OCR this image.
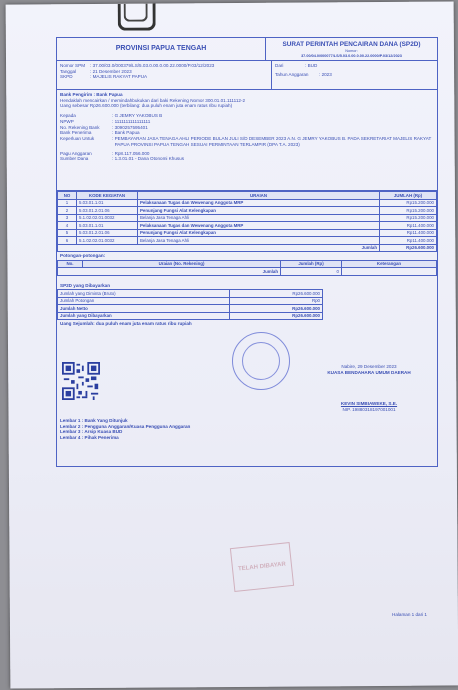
PROVINSI PAPUA TENGAH
SURAT PERINTAH PENCAIRAN DANA (SP2D)
Nomor:
37.00/04.0/000077/LS/5.03.0.00.0.00.22.0000/P.03/12/2023
Nomor SPM	: 37.00/03.0/000379/LS/5.03.0.00.0.00.22.0000/P.03/12/2023
Tanggal	: 21 Desember 2023
SKPD	: MAJELIS RAKYAT PAPUA
Dari	: BUD
Tahun Anggaran	: 2023
Bank Pengirim : Bank Papua
Hendaklah mencairkan / memindahbukukan dari baki Rekening Nomor 300.01.01.111112-2
Uang sebesar Rp26.600.000 (terbilang: dua puluh enam juta enam ratus ribu rupiah)
Kepada	: G JEMRY YAKOBUS B
NPWP	: 1111111111111111
No. Rekening Bank	: 3090257595401
Bank Penerima	: Bank Papua
Keperluan Untuk	: PEMBAYARAN JASA TENAGA AHLI PERIODE BULAN JULI S/D DESEMBER 2023 A.N. G JEMRY YAKOBUS B. PADA SEKRETARIAT MAJELIS RAKYAT PAPUA PROVINSI PAPUA TENGAH SESUAI PERMINTAAN TERLAMPIR (DPA T.A. 2023)
Pagu Anggaran	: Rp8.117.056.000
Sumber Dana	: 1.3.01.01 - Dana Otonomi Khusus
NO	KODE KEGIATAN	URAIAN	JUMLAH (Rp)
1	5.03.01.1.01	Pelaksanaan Tugas dan Wewenang Anggota MRP	Rp15.200.000
2	5.03.01.2.01.06	Penunjang Fungsi Alat Kelengkapan	Rp15.200.000
3	5.1.02.02.01.0032	Belanja Jasa Tenaga Ahli	Rp15.200.000
4	5.03.01.1.01	Pelaksanaan Tugas dan Wewenang Anggota MRP	Rp11.400.000
5	5.03.01.2.01.06	Penunjang Fungsi Alat Kelengkapan	Rp11.400.000
6	5.1.02.02.01.0032	Belanja Jasa Tenaga Ahli	Rp11.400.000
Jumlah			Rp26.600.000
Potongan-potongan:
No.	Uraian (No. Rekening)	Jumlah (Rp)	Keterangan
Jumlah		0	
SP2D yang Dibayarkan
Jumlah yang Diminta (Bruto)	Rp26.600.000
Jumlah Potongan	Rp0
Jumlah Netto	Rp26.600.000
Jumlah yang Dibayarkan	Rp26.600.000
Uang Sejumlah: dua puluh enam juta enam ratus ribu rupiah
Nabire, 29 Desember 2023
KUASA BENDAHARA UMUM DAERAH
KEVIN SIMBIAWEKE, S.E.
NIP. 19880318197001001
Lembar 1 : Bank Yang Ditunjuk
Lembar 2 : Pengguna Anggaran/Kuasa Pengguna Anggaran
Lembar 3 : Arsip Kuasa BUD
Lembar 4 : Pihak Penerima
TELAH DIBAYAR
Halaman 1 dari 1
